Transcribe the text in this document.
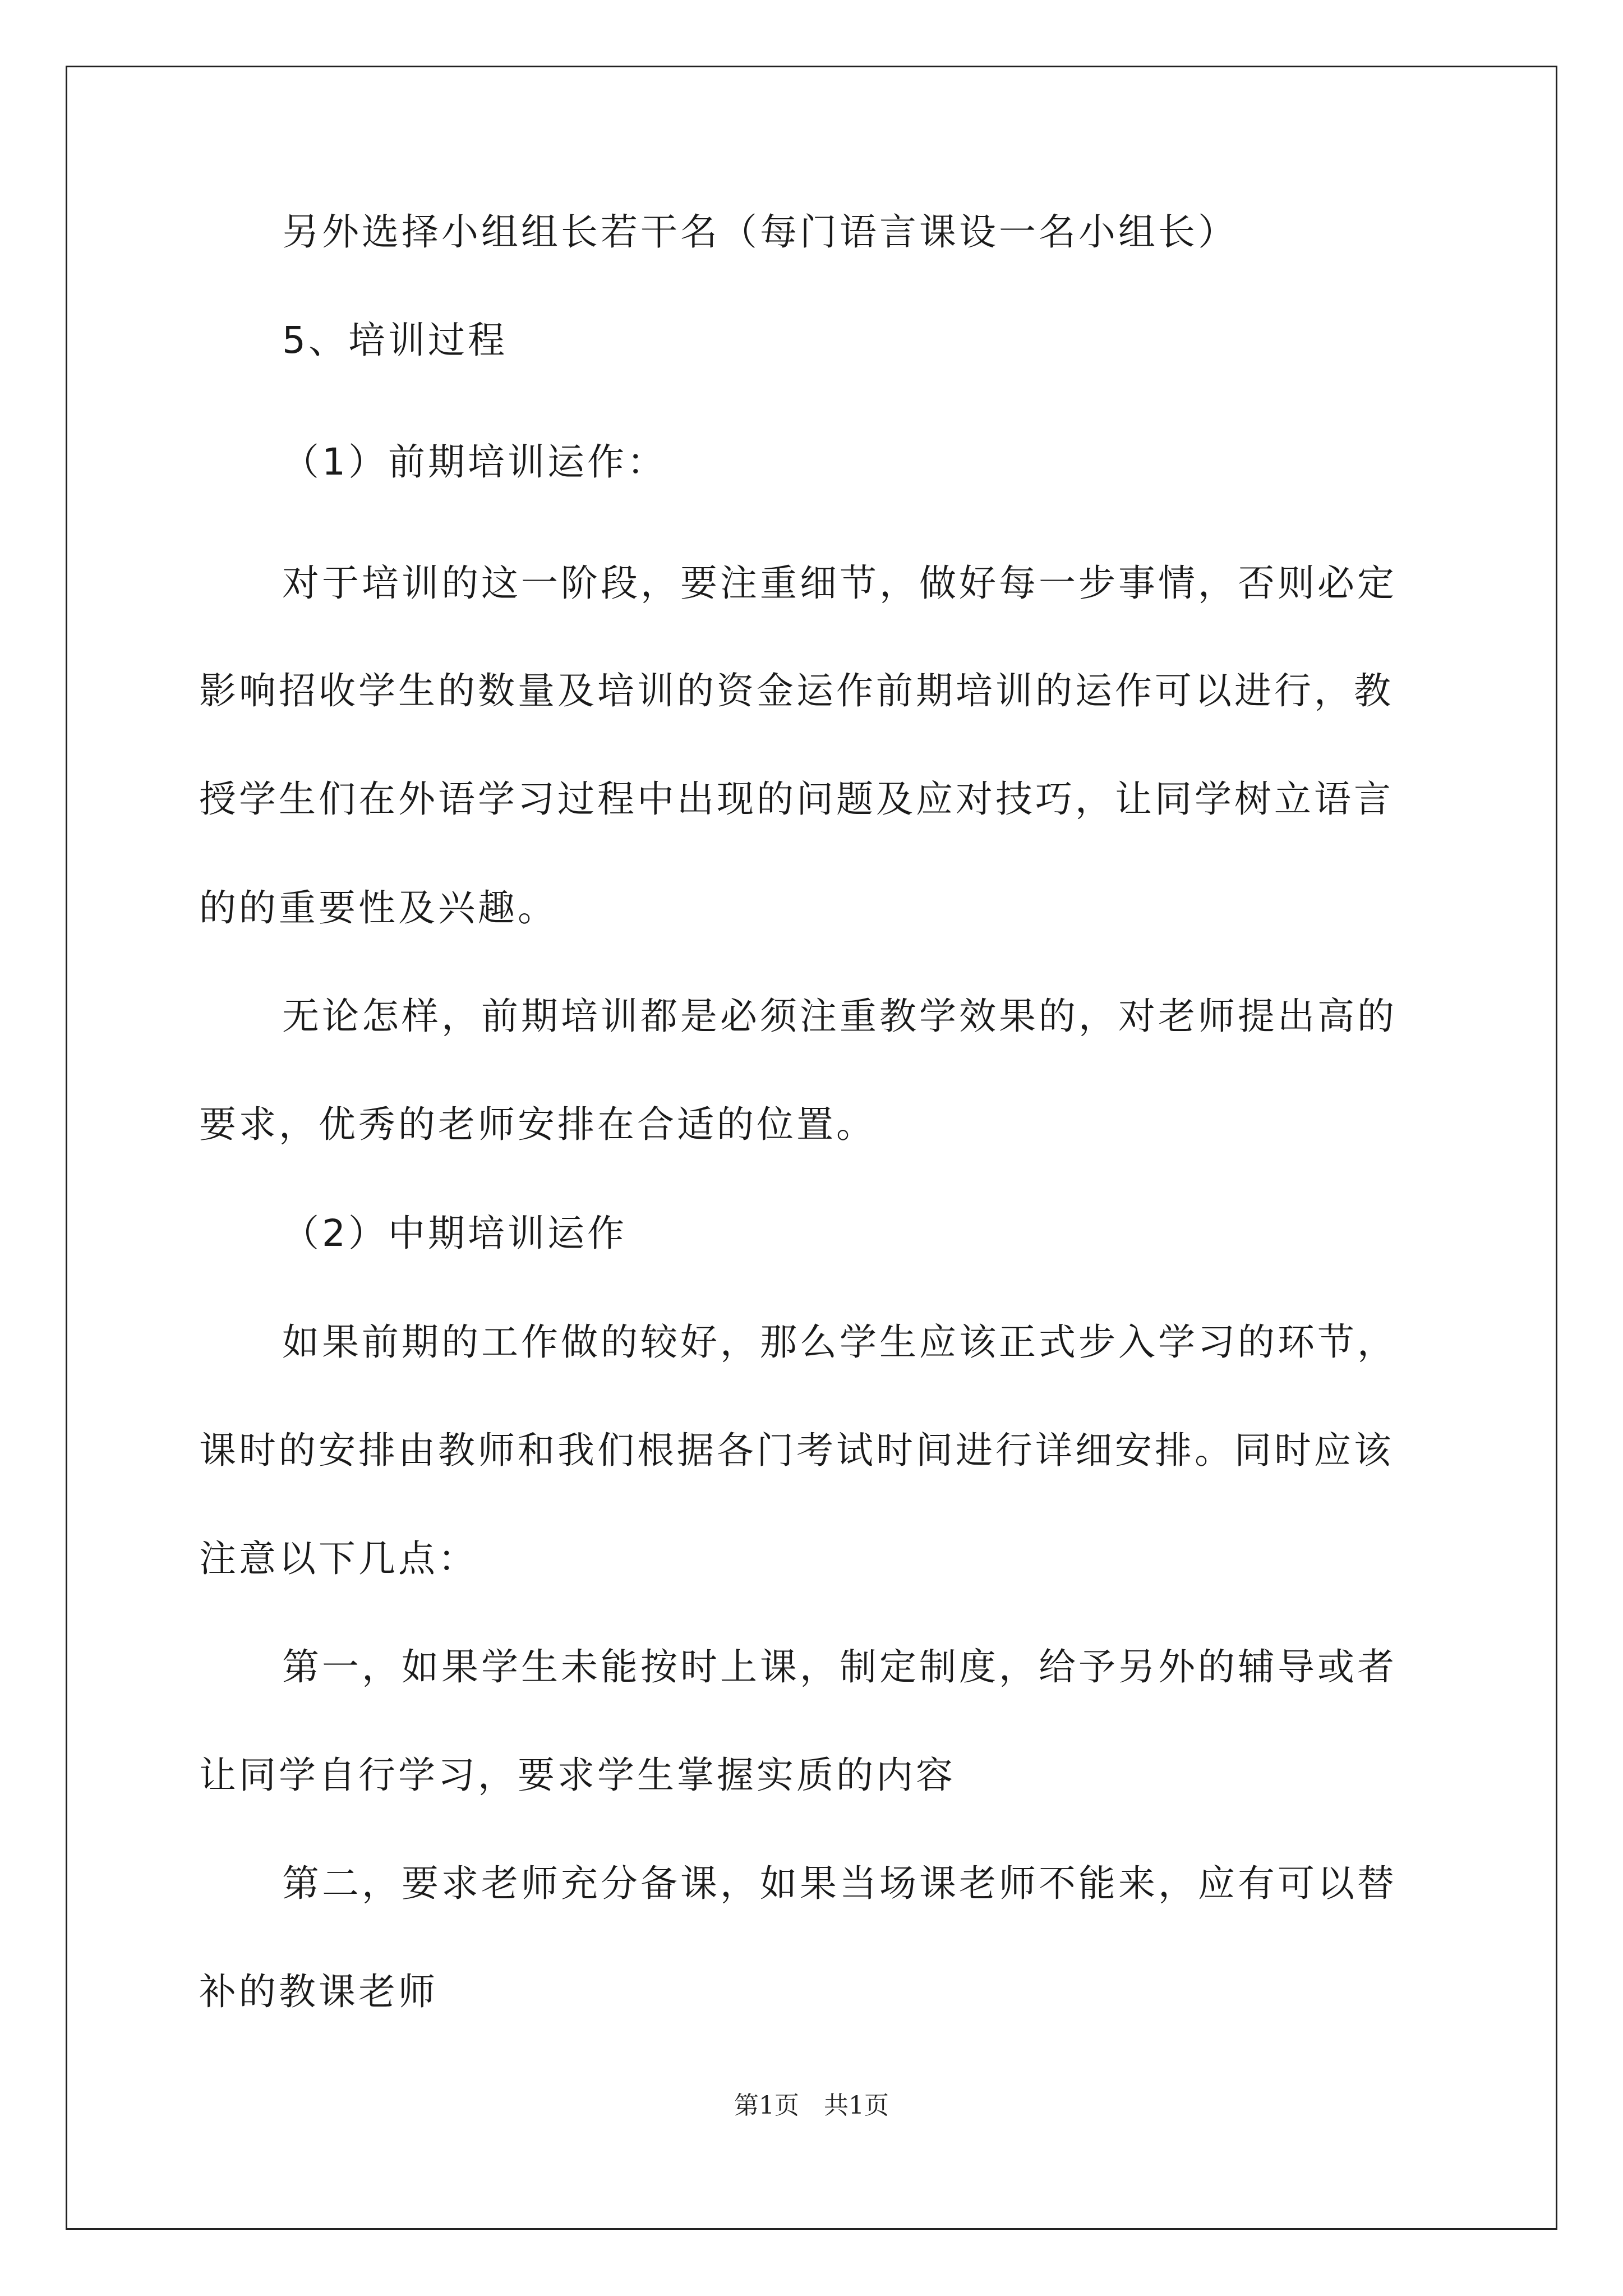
另外选择小组组长若干名（每门语言课设一名小组长）
5、培训过程
（1）前期培训运作：
对于培训的这一阶段，要注重细节，做好每一步事情，否则必定
影响招收学生的数量及培训的资金运作前期培训的运作可以进行，教
授学生们在外语学习过程中出现的问题及应对技巧，让同学树立语言
的的重要性及兴趣。
无论怎样，前期培训都是必须注重教学效果的，对老师提出高的
要求，优秀的老师安排在合适的位置。
（2）中期培训运作
如果前期的工作做的较好，那么学生应该正式步入学习的环节，
课时的安排由教师和我们根据各门考试时间进行详细安排。同时应该
注意以下几点：
第一，如果学生未能按时上课，制定制度，给予另外的辅导或者
让同学自行学习，要求学生掌握实质的内容
第二，要求老师充分备课，如果当场课老师不能来，应有可以替
补的教课老师
第1页　共1页
